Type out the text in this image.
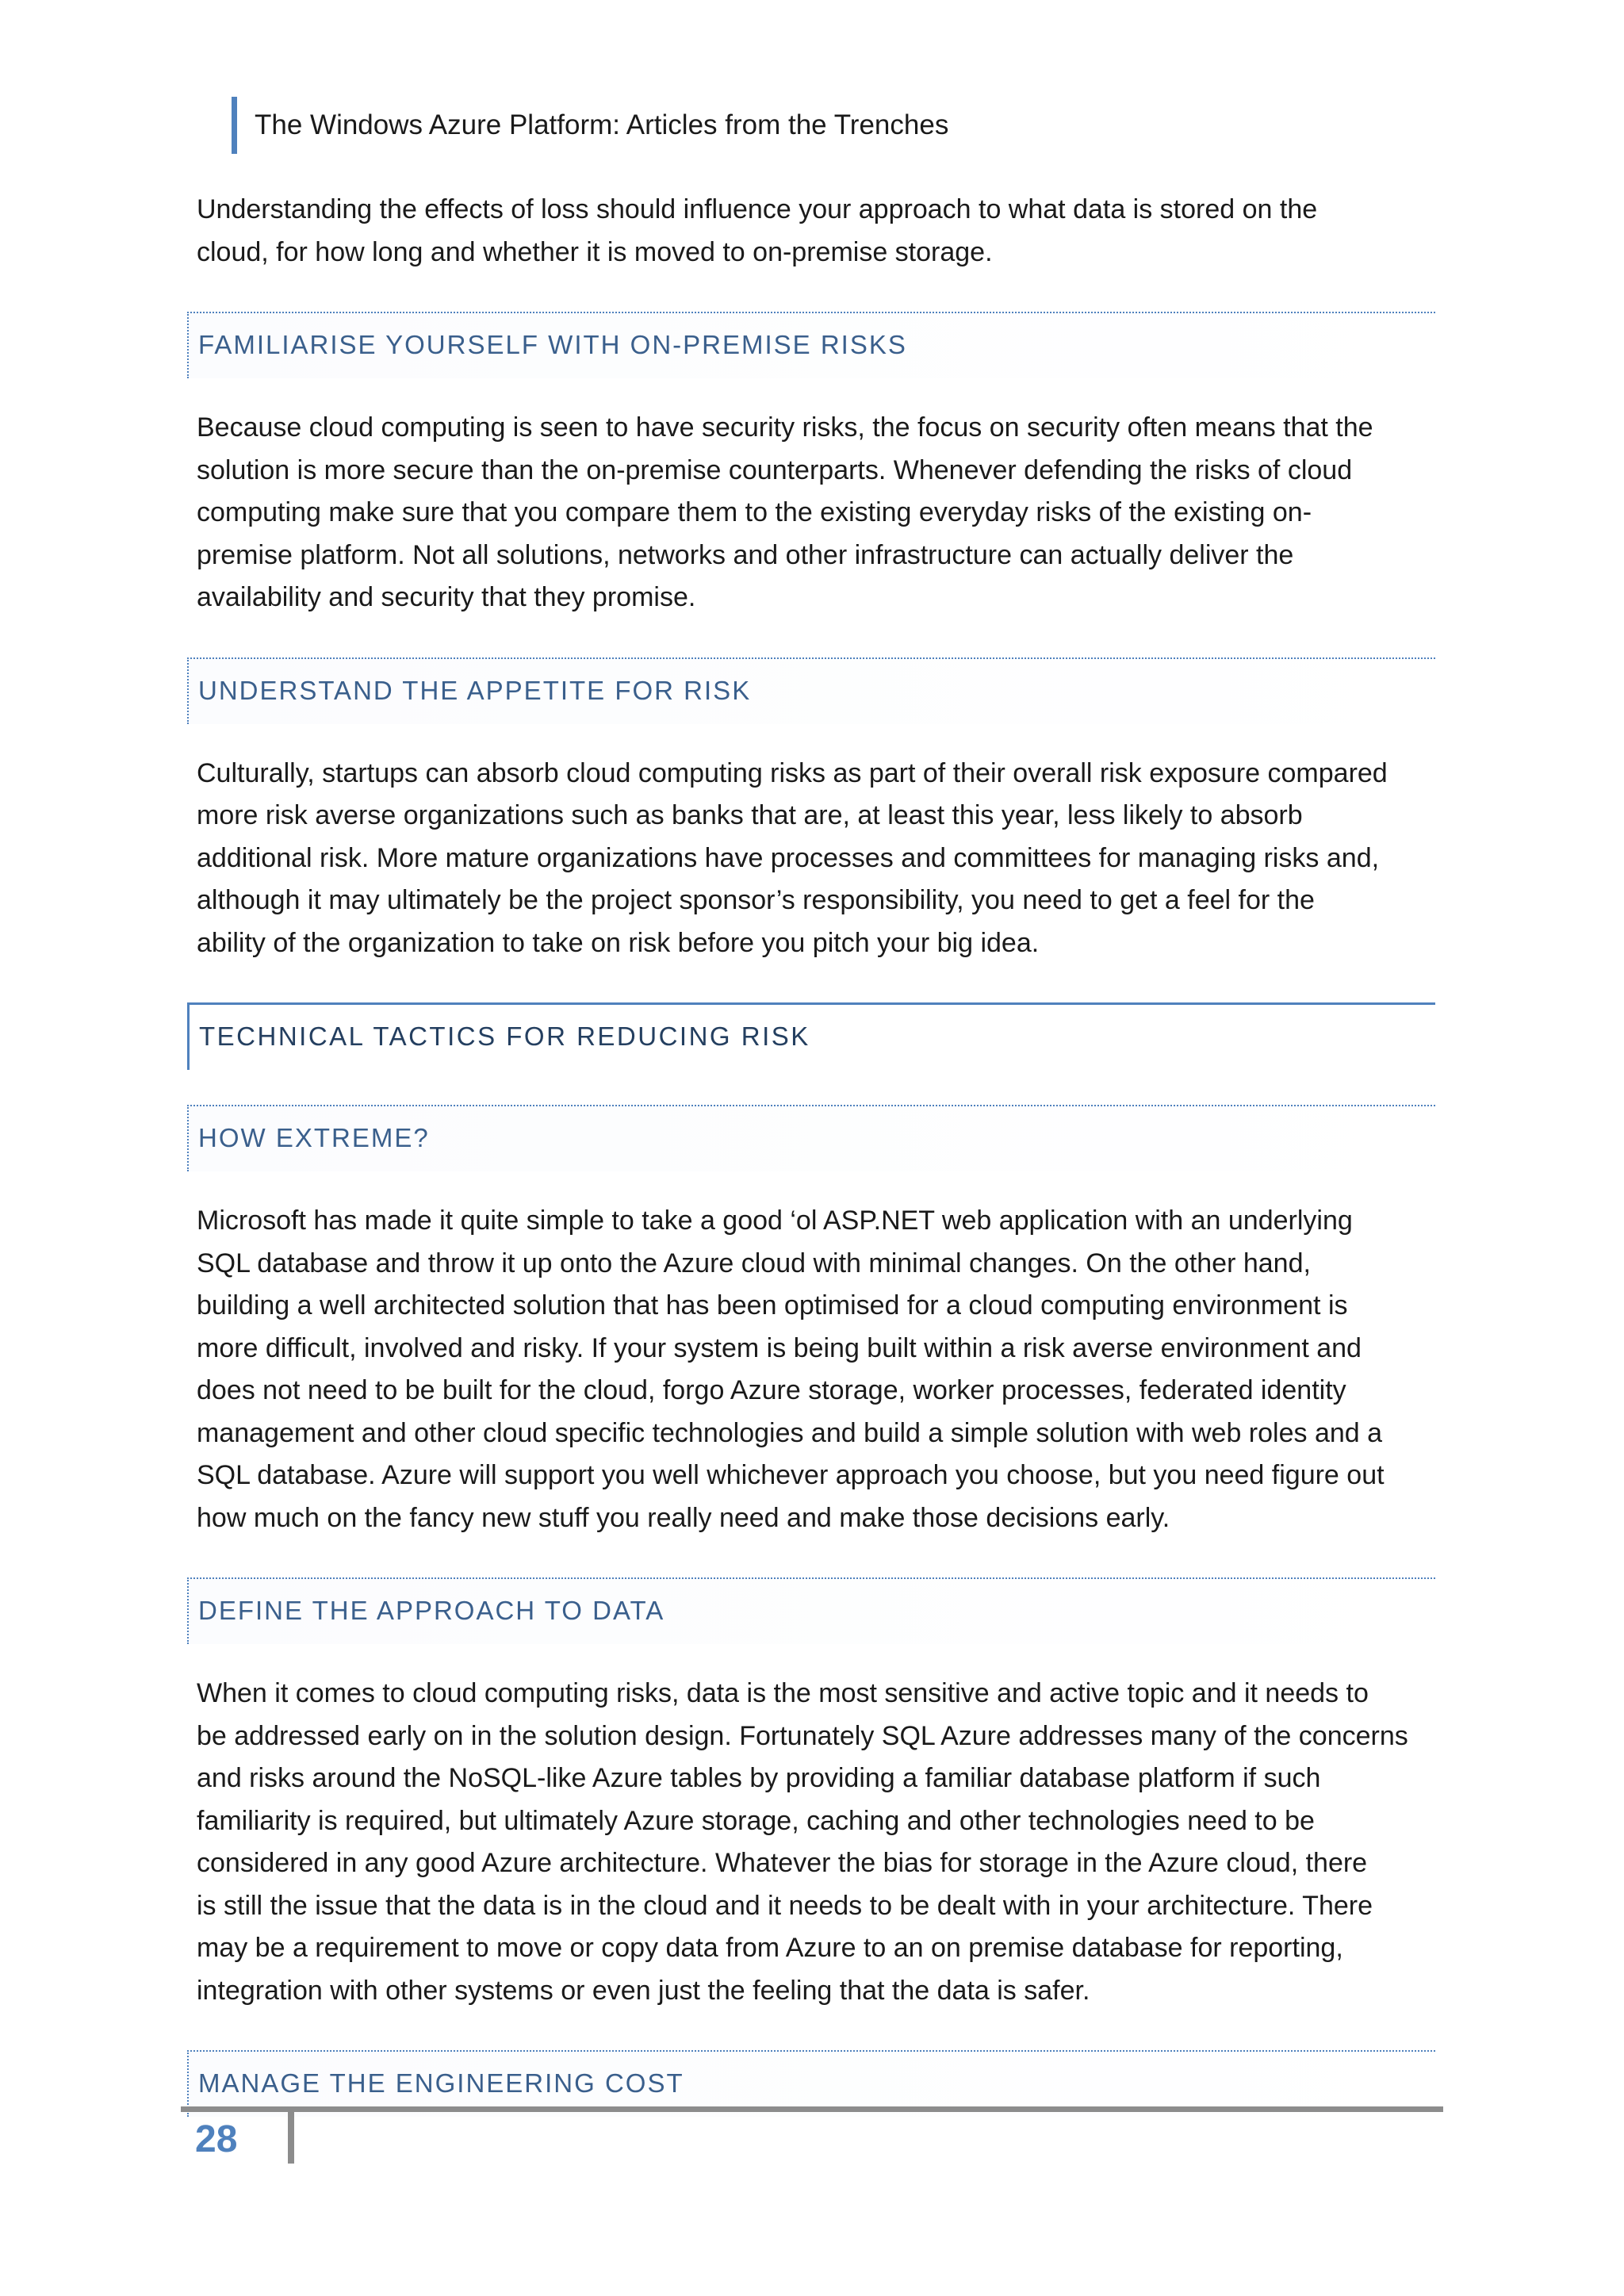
The Windows Azure Platform: Articles from the Trenches

Understanding the effects of loss should influence your approach to what data is stored on the
cloud, for how long and whether it is moved to on-premise storage.

FAMILIARISE YOURSELF WITH ON-PREMISE RISKS

Because cloud computing is seen to have security risks, the focus on security often means that the
solution is more secure than the on-premise counterparts. Whenever defending the risks of cloud
computing make sure that you compare them to the existing everyday risks of the existing on-
premise platform. Not all solutions, networks and other infrastructure can actually deliver the
availability and security that they promise.

UNDERSTAND THE APPETITE FOR RISK

Culturally, startups can absorb cloud computing risks as part of their overall risk exposure compared
more risk averse organizations such as banks that are, at least this year, less likely to absorb
additional risk. More mature organizations have processes and committees for managing risks and,
although it may ultimately be the project sponsor’s responsibility, you need to get a feel for the
ability of the organization to take on risk before you pitch your big idea.

TECHNICAL TACTICS FOR REDUCING RISK
HOW EXTREME?

Microsoft has made it quite simple to take a good ‘ol ASP.NET web application with an underlying
SQL database and throw it up onto the Azure cloud with minimal changes. On the other hand,
building a well architected solution that has been optimised for a cloud computing environment is
more difficult, involved and risky. If your system is being built within a risk averse environment and
does not need to be built for the cloud, forgo Azure storage, worker processes, federated identity
management and other cloud specific technologies and build a simple solution with web roles and a
SQL database. Azure will support you well whichever approach you choose, but you need figure out
how much on the fancy new stuff you really need and make those decisions early.

DEFINE THE APPROACH TO DATA

When it comes to cloud computing risks, data is the most sensitive and active topic and it needs to
be addressed early on in the solution design. Fortunately SQL Azure addresses many of the concerns
and risks around the NoSQL-like Azure tables by providing a familiar database platform if such
familiarity is required, but ultimately Azure storage, caching and other technologies need to be
considered in any good Azure architecture. Whatever the bias for storage in the Azure cloud, there
is still the issue that the data is in the cloud and it needs to be dealt with in your architecture. There
may be a requirement to move or copy data from Azure to an on premise database for reporting,
integration with other systems or even just the feeling that the data is safer.

MANAGE THE ENGINEERING COST
28
